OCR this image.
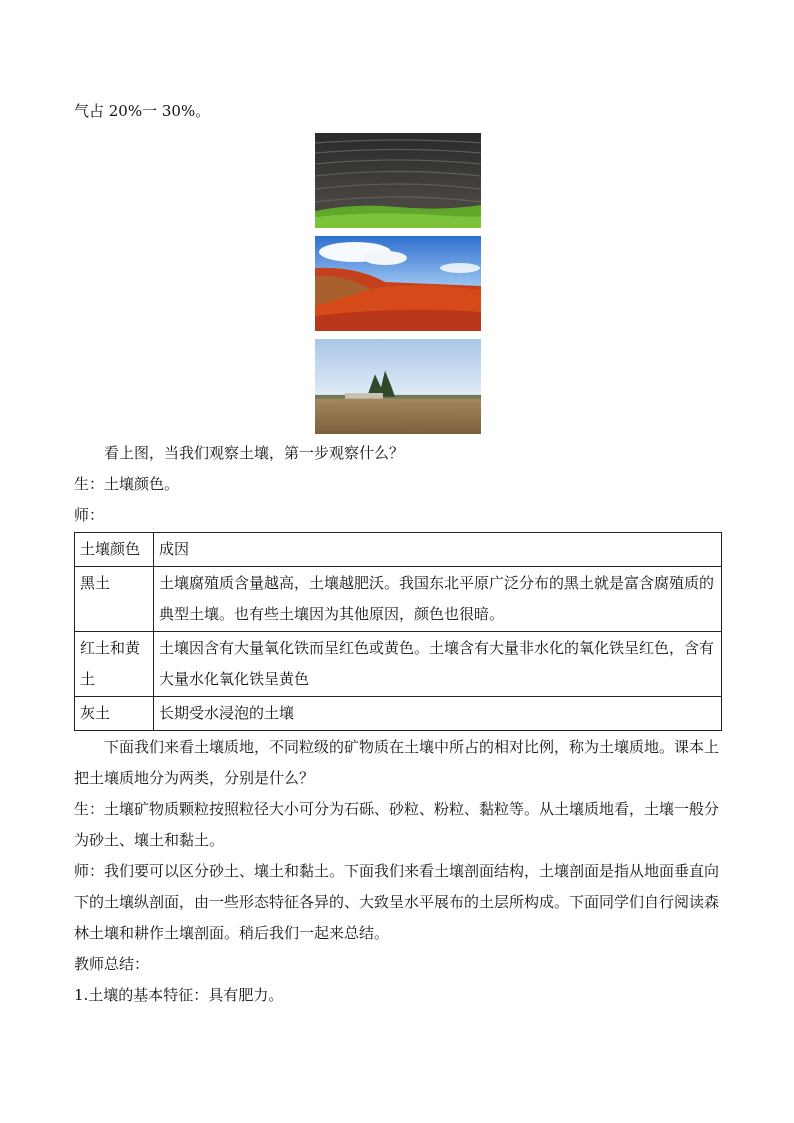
气占 20%一 30%。

看上图，当我们观察土壤，第一步观察什么？

生：土壤颜色。

师：

土壤颜色	成因
黑土	土壤腐殖质含量越高，土壤越肥沃。我国东北平原广泛分布的黑土就是富含腐殖质的典型土壤。也有些土壤因为其他原因，颜色也很暗。
红土和黄土	土壤因含有大量氧化铁而呈红色或黄色。土壤含有大量非水化的氧化铁呈红色，含有大量水化氧化铁呈黄色
灰土	长期受水浸泡的土壤

下面我们来看土壤质地，不同粒级的矿物质在土壤中所占的相对比例，称为土壤质地。课本上把土壤质地分为两类，分别是什么？

生：土壤矿物质颗粒按照粒径大小可分为石砾、砂粒、粉粒、黏粒等。从土壤质地看，土壤一般分为砂土、壤土和黏土。

师：我们要可以区分砂土、壤土和黏土。下面我们来看土壤剖面结构，土壤剖面是指从地面垂直向下的土壤纵剖面，由一些形态特征各异的、大致呈水平展布的土层所构成。下面同学们自行阅读森林土壤和耕作土壤剖面。稍后我们一起来总结。

教师总结：

1.土壤的基本特征：具有肥力。
